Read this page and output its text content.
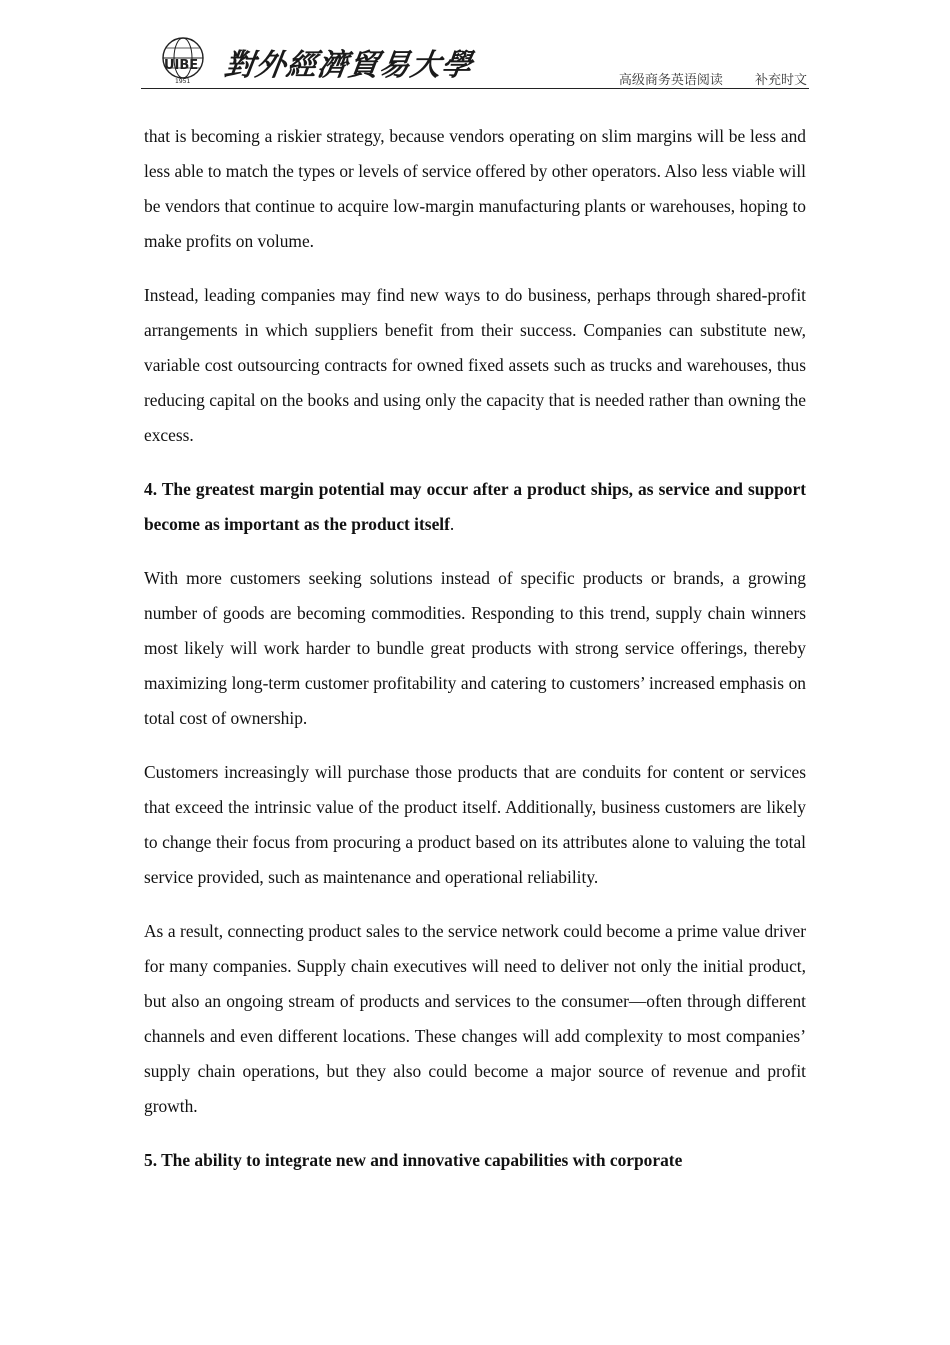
UIBE
1951 對外經濟貿易大學	高级商务英语阅读 补充时文

that is becoming a riskier strategy, because vendors operating on slim margins will be less and less able to match the types or levels of service offered by other operators. Also less viable will be vendors that continue to acquire low-margin manufacturing plants or warehouses, hoping to make profits on volume.

Instead, leading companies may find new ways to do business, perhaps through shared-profit arrangements in which suppliers benefit from their success. Companies can substitute new, variable cost outsourcing contracts for owned fixed assets such as trucks and warehouses, thus reducing capital on the books and using only the capacity that is needed rather than owning the excess.

4. The greatest margin potential may occur after a product ships, as service and support become as important as the product itself.

With more customers seeking solutions instead of specific products or brands, a growing number of goods are becoming commodities. Responding to this trend, supply chain winners most likely will work harder to bundle great products with strong service offerings, thereby maximizing long-term customer profitability and catering to customers’ increased emphasis on total cost of ownership.

Customers increasingly will purchase those products that are conduits for content or services that exceed the intrinsic value of the product itself. Additionally, business customers are likely to change their focus from procuring a product based on its attributes alone to valuing the total service provided, such as maintenance and operational reliability.

As a result, connecting product sales to the service network could become a prime value driver for many companies. Supply chain executives will need to deliver not only the initial product, but also an ongoing stream of products and services to the consumer—often through different channels and even different locations. These changes will add complexity to most companies’ supply chain operations, but they also could become a major source of revenue and profit growth.

5. The ability to integrate new and innovative capabilities with corporate
